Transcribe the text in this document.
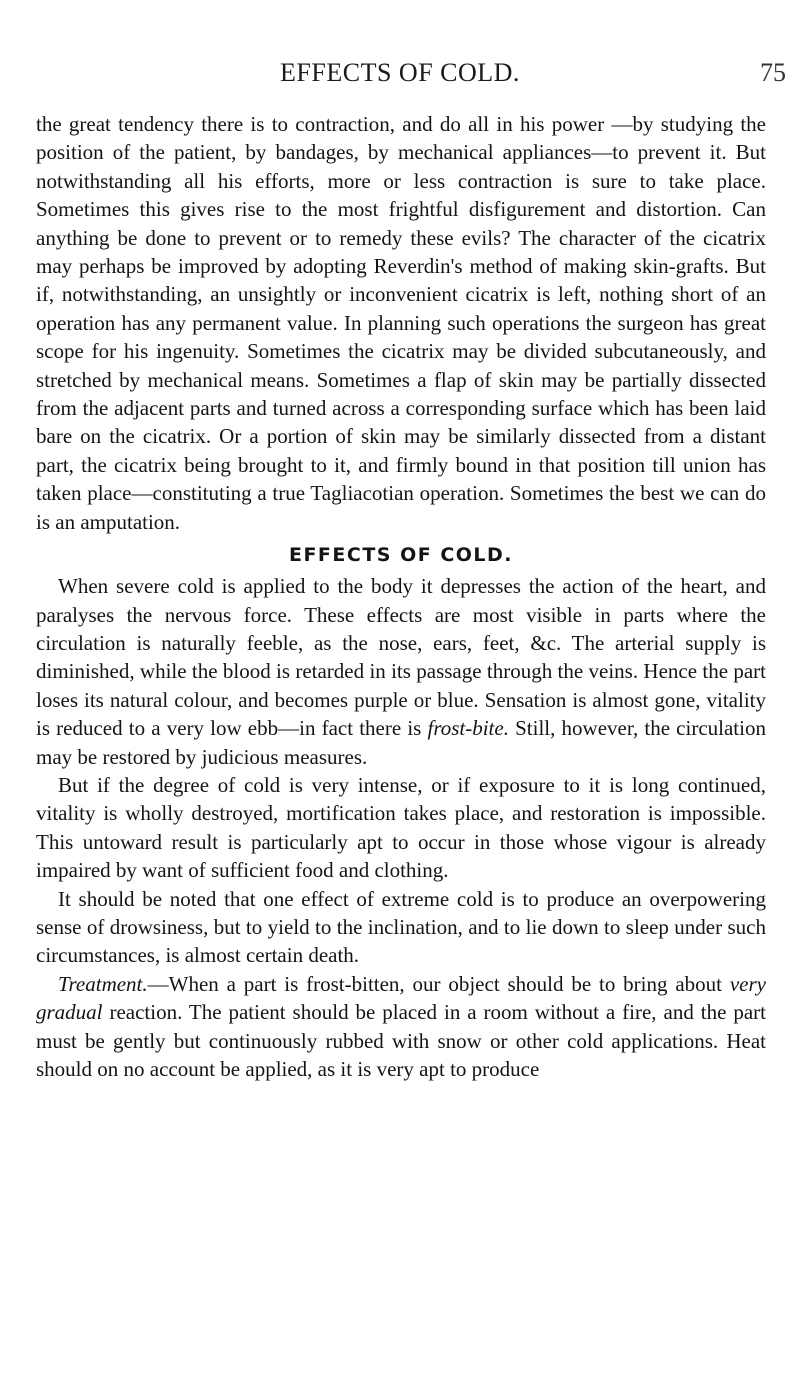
EFFECTS OF COLD.	75

the great tendency there is to contraction, and do all in his power —by studying the position of the patient, by bandages, by mechanical appliances—to prevent it. But notwithstanding all his efforts, more or less contraction is sure to take place. Sometimes this gives rise to the most frightful disfigurement and distortion. Can anything be done to prevent or to remedy these evils? The character of the cicatrix may perhaps be improved by adopting Reverdin's method of making skin-grafts. But if, notwithstanding, an unsightly or inconvenient cicatrix is left, nothing short of an operation has any permanent value. In planning such operations the surgeon has great scope for his ingenuity. Sometimes the cicatrix may be divided subcutaneously, and stretched by mechanical means. Sometimes a flap of skin may be partially dissected from the adjacent parts and turned across a corresponding surface which has been laid bare on the cicatrix. Or a portion of skin may be similarly dissected from a distant part, the cicatrix being brought to it, and firmly bound in that position till union has taken place—constituting a true Tagliacotian operation. Sometimes the best we can do is an amputation.

EFFECTS OF COLD.

When severe cold is applied to the body it depresses the action of the heart, and paralyses the nervous force. These effects are most visible in parts where the circulation is naturally feeble, as the nose, ears, feet, &c. The arterial supply is diminished, while the blood is retarded in its passage through the veins. Hence the part loses its natural colour, and becomes purple or blue. Sensation is almost gone, vitality is reduced to a very low ebb—in fact there is frost-bite. Still, however, the circulation may be restored by judicious measures.

But if the degree of cold is very intense, or if exposure to it is long continued, vitality is wholly destroyed, mortification takes place, and restoration is impossible. This untoward result is particularly apt to occur in those whose vigour is already impaired by want of sufficient food and clothing.

It should be noted that one effect of extreme cold is to produce an overpowering sense of drowsiness, but to yield to the inclination, and to lie down to sleep under such circumstances, is almost certain death.

Treatment.—When a part is frost-bitten, our object should be to bring about very gradual reaction. The patient should be placed in a room without a fire, and the part must be gently but continuously rubbed with snow or other cold applications. Heat should on no account be applied, as it is very apt to produce
